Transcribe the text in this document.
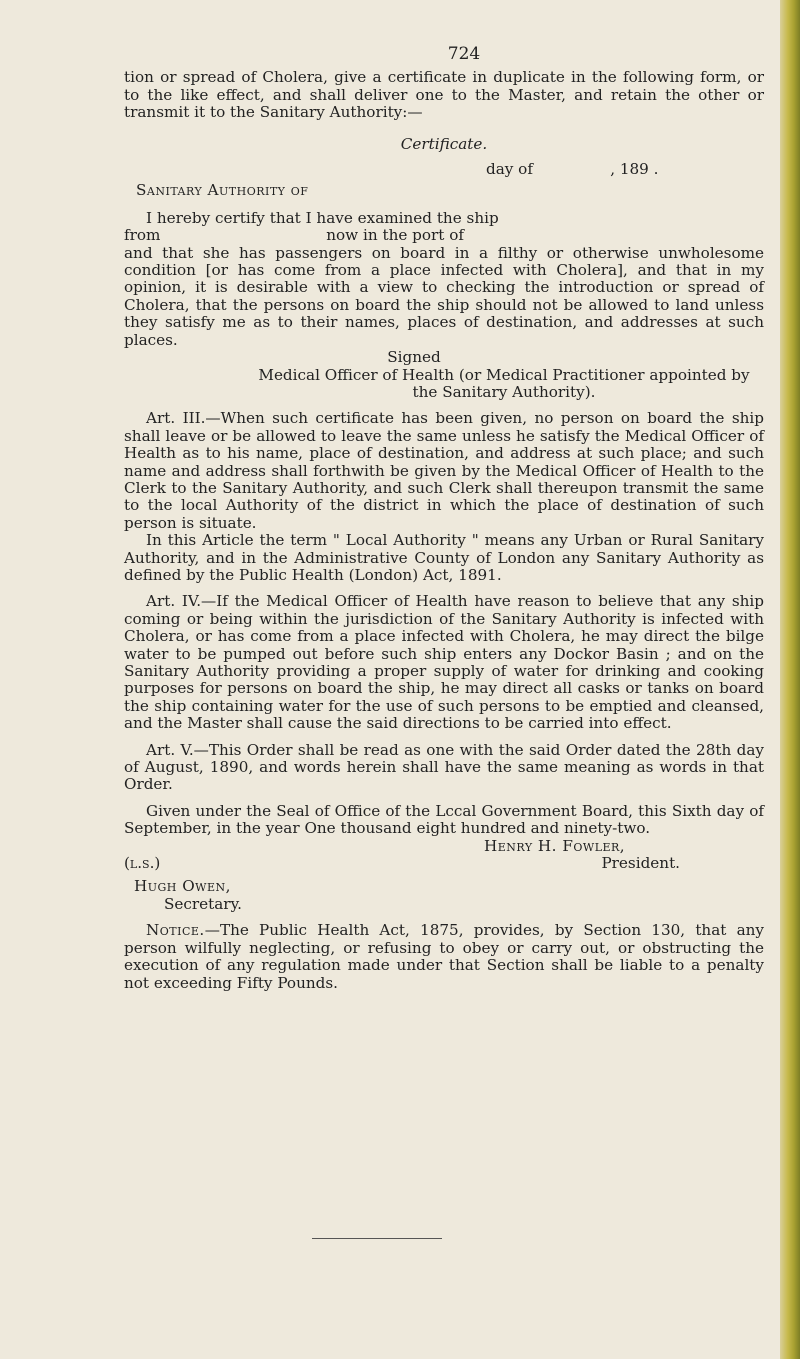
724

tion or spread of Cholera, give a certificate in duplicate in the following form, or to the like effect, and shall deliver one to the Master, and retain the other or transmit it to the Sanitary Authority:—

Certificate.
day of                , 189 .
Sanitary Authority of

I hereby certify that I have examined the ship

from	now in the port of

and that she has passengers on board in a filthy or otherwise unwholesome condition [or has come from a place infected with Cholera], and that in my opinion, it is desirable with a view to checking the introduction or spread of Cholera, that the persons on board the ship should not be allowed to land unless they satisfy me as to their names, places of destination, and addresses at such places.

Signed

Medical Officer of Health (or Medical Practitioner appointed by the Sanitary Authority).

Art. III.—When such certificate has been given, no person on board the ship shall leave or be allowed to leave the same unless he satisfy the Medical Officer of Health as to his name, place of destination, and address at such place; and such name and address shall forthwith be given by the Medical Officer of Health to the Clerk to the Sanitary Authority, and such Clerk shall thereupon transmit the same to the local Authority of the district in which the place of destination of such person is situate.

In this Article the term " Local Authority " means any Urban or Rural Sanitary Authority, and in the Administrative County of London any Sanitary Authority as defined by the Public Health (London) Act, 1891.

Art. IV.—If the Medical Officer of Health have reason to believe that any ship coming or being within the jurisdiction of the Sanitary Authority is infected with Cholera, or has come from a place infected with Cholera, he may direct the bilge water to be pumped out before such ship enters any Dockor Basin ; and on the Sanitary Authority providing a proper supply of water for drinking and cooking purposes for persons on board the ship, he may direct all casks or tanks on board the ship containing water for the use of such persons to be emptied and cleansed, and the Master shall cause the said directions to be carried into effect.

Art. V.—This Order shall be read as one with the said Order dated the 28th day of August, 1890, and words herein shall have the same meaning as words in that Order.

Given under the Seal of Office of the Lccal Government Board, this Sixth day of September, in the year One thousand eight hundred and ninety-two.

Henry H. Fowler,
(l.s.)	President.
Hugh Owen,
Secretary.

Notice.—The Public Health Act, 1875, provides, by Section 130, that any person wilfully neglecting, or refusing to obey or carry out, or obstructing the execution of any regulation made under that Section shall be liable to a penalty not exceeding Fifty Pounds.
